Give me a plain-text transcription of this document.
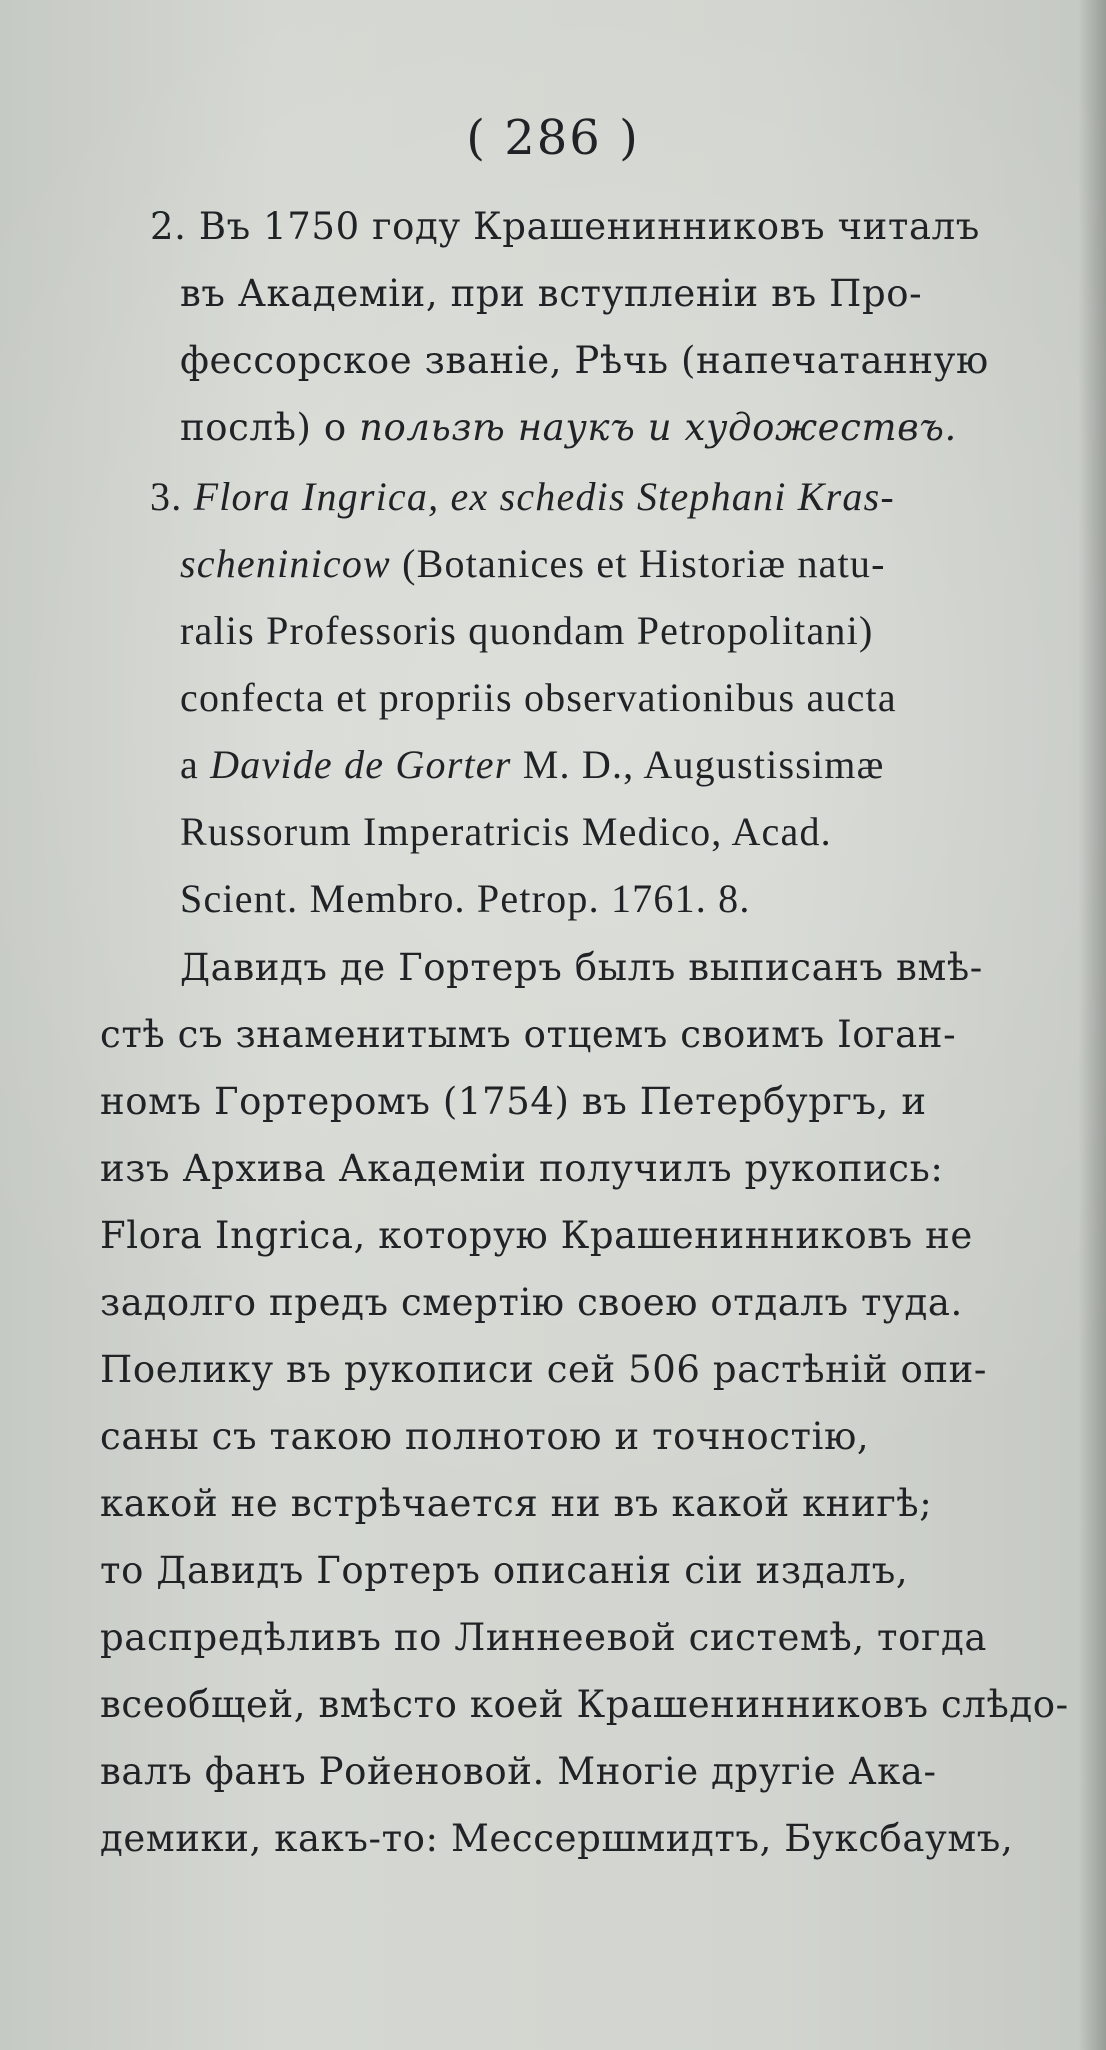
( 286 )
2. Въ 1750 году Крашенинниковъ читалъ
въ Академіи, при вступленіи въ Про-
фессорское званіе, Рѣчь (напечатанную
послѣ) о пользѣ наукъ и художествъ.
3. Flora Ingrica, ex schedis Stephani Kras-
scheninicow (Botanices et Historiæ natu-
ralis Professoris quondam Petropolitani)
confecta et propriis observationibus aucta
a Davide de Gorter M. D., Augustissimæ
Russorum Imperatricis Medico, Acad.
Scient. Membro. Petrop. 1761. 8.
Давидъ де Гортеръ былъ выписанъ вмѣ-
стѣ съ знаменитымъ отцемъ своимъ Іоган-
номъ Гортеромъ (1754) въ Петербургъ, и
изъ Архива Академіи получилъ рукопись:
Flora Ingrica, которую Крашенинниковъ не
задолго предъ смертію своею отдалъ туда.
Поелику въ рукописи сей 506 растѣній опи-
саны съ такою полнотою и точностію,
какой не встрѣчается ни въ какой книгѣ;
то Давидъ Гортеръ описанія сіи издалъ,
распредѣливъ по Линнеевой системѣ, тогда
всеобщей, вмѣсто коей Крашенинниковъ слѣдо-
валъ фанъ Ройеновой. Многіе другіе Ака-
демики, какъ-то: Мессершмидтъ, Буксбаумъ,
